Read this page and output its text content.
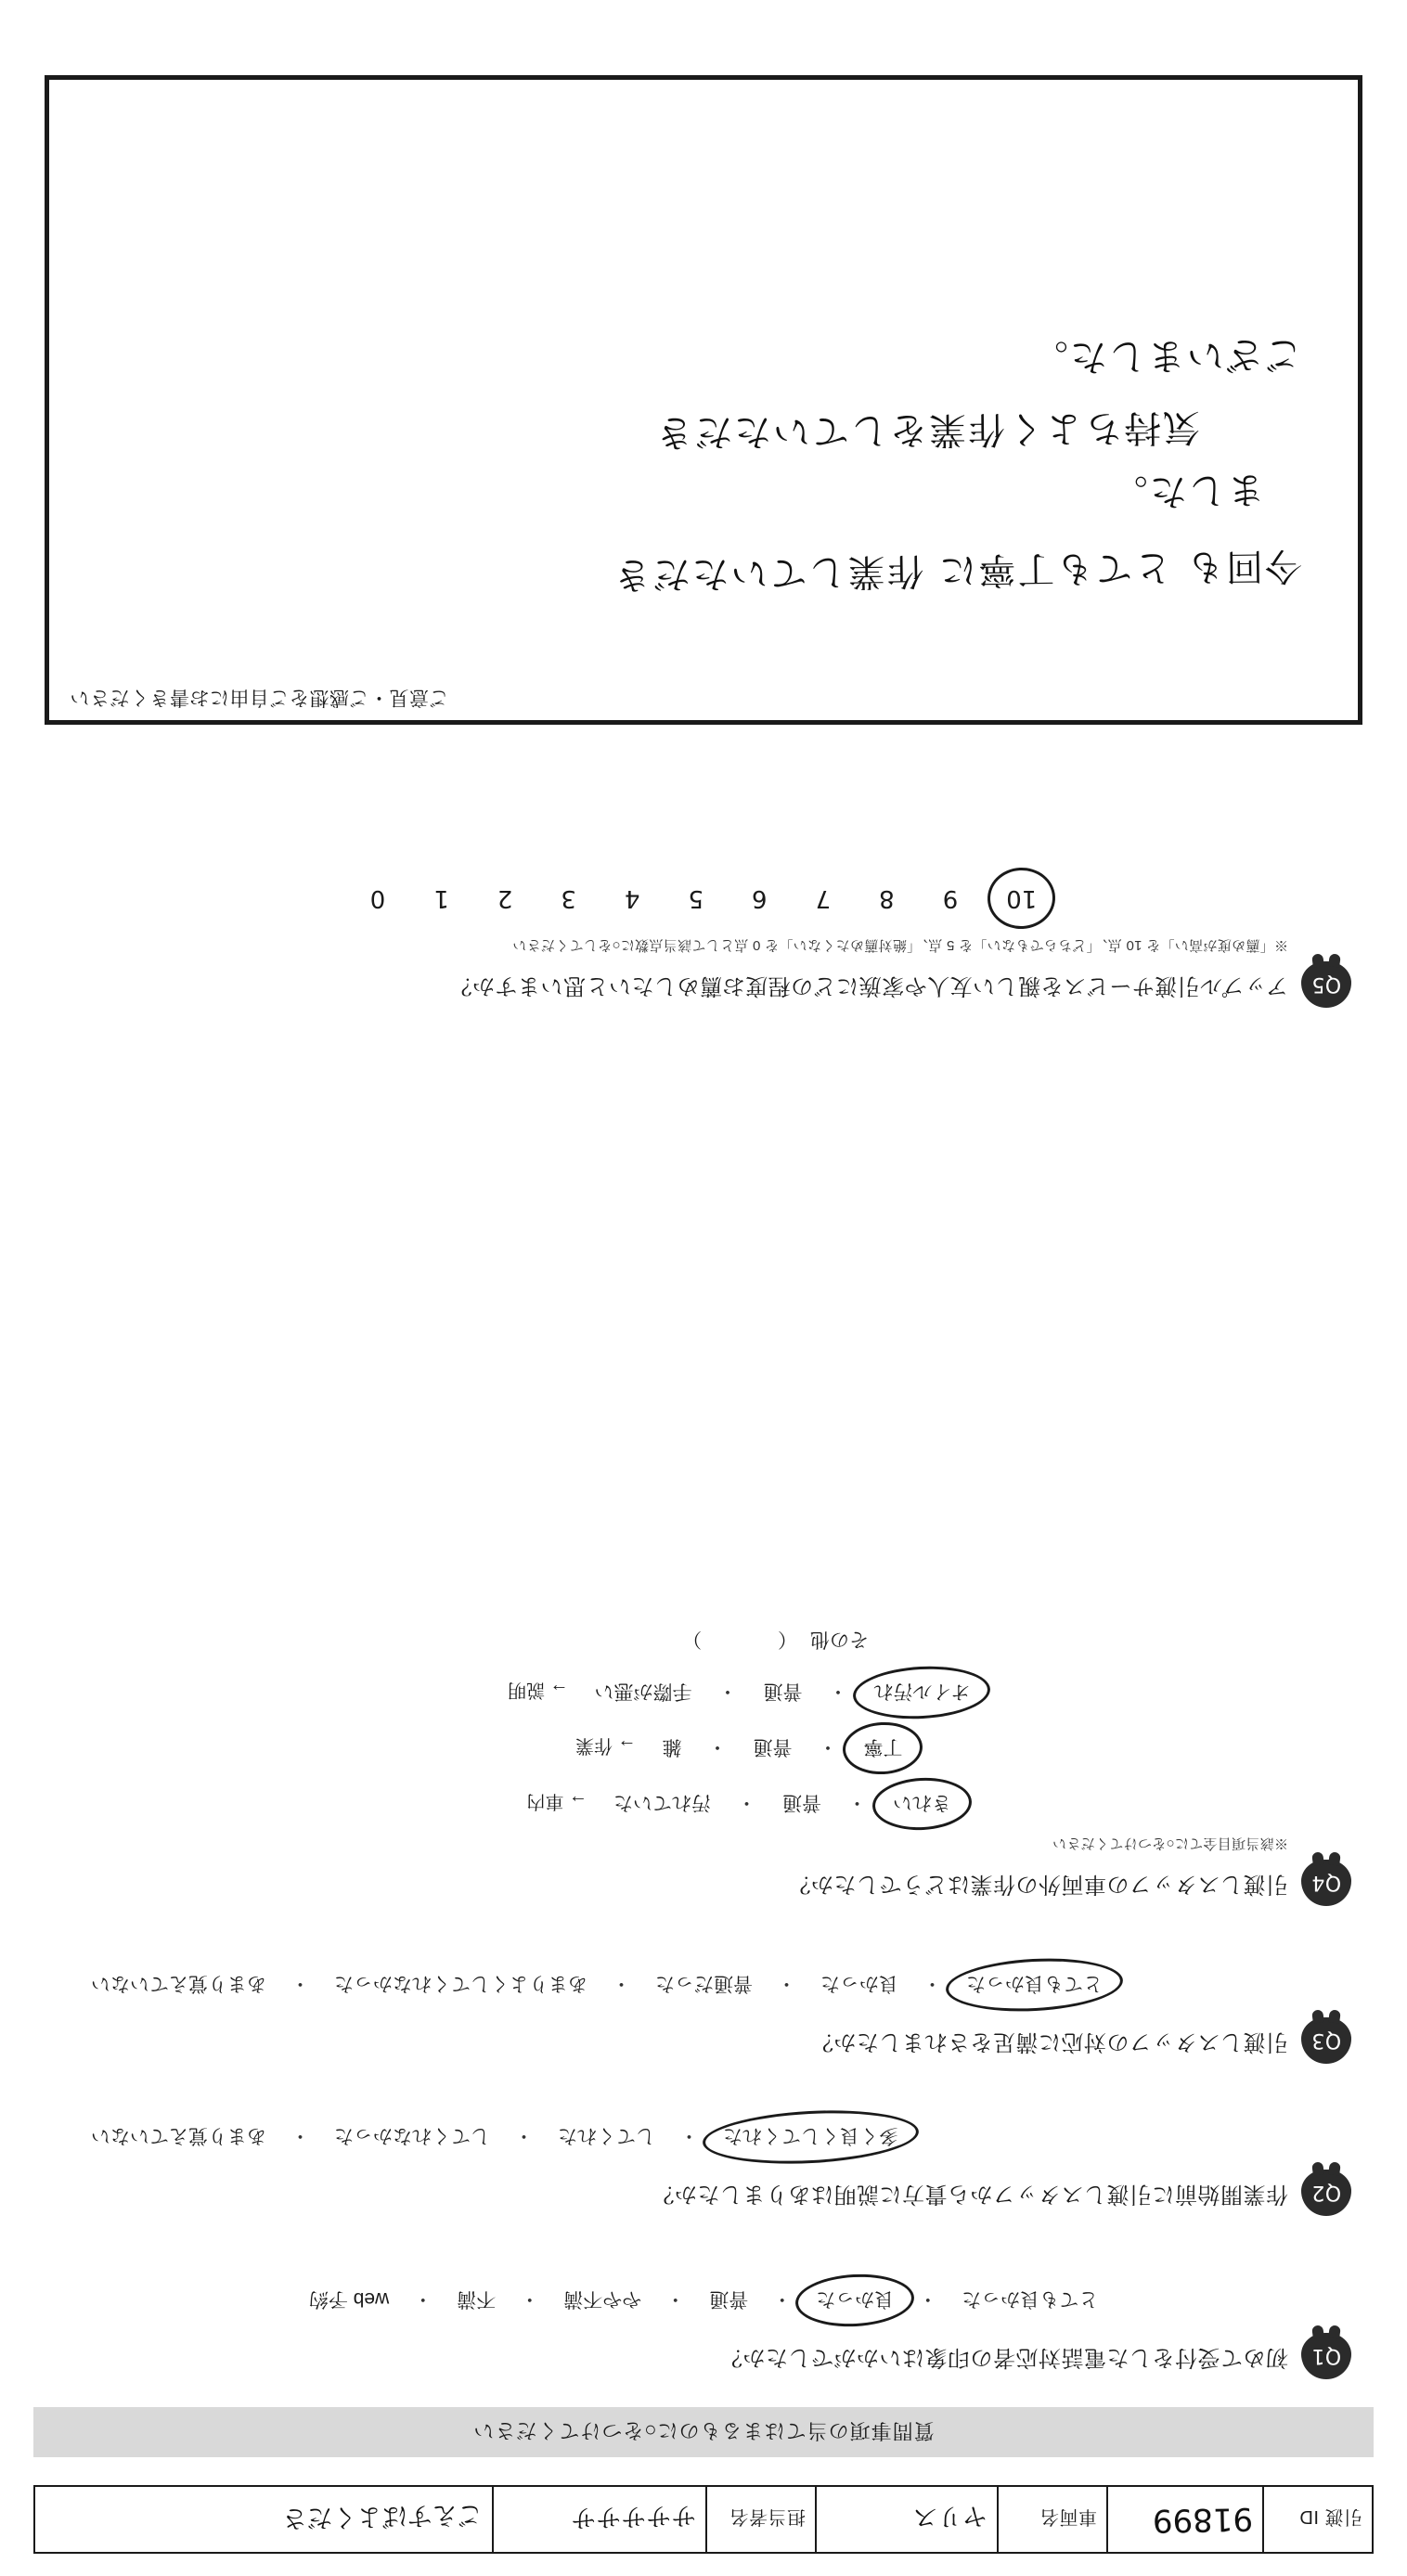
引渡 ID
91899
車両名
ヤリス
担当者名
サササササ
ごえすばよくださ
質問事項の当てはまるものに○をつけてください
Q1
初めて受付をした電話対応者の印象はいかがでしたか？
とても良かった
・
良かった
・
普通
・
やや不満
・
不満
・
web 予約
Q2
作業開始前に引渡しスタッフから貴方に説明はありましたか？
多く良くしてくれた
・
してくれた
・
してくれなかった
・
あまり覚えていない
Q3
引渡しスタッフの対応に満足をされましたか？
とても良かった
・
良かった
・
普通だった
・
あまりよくしてくれなかった
・
あまり覚えていない
Q4
引渡しスタッフの車両外の作業はどうでしたか？
※該当項目全てに○をつけてください
きれい
・
普通
・
汚れていた
→ 車内
丁寧
・
普通
・
雑
→ 作業
オイル汚れ
・
普通
・
手際が悪い
→ 説明
その他
（ ）
Q5
アップル引渡サービスを親しい友人や家族にどの程度お薦めしたいと思いますか？
※「薦め度が高い」を 10 点、「どちらでもない」を 5 点、「絶対薦めたくない」を 0 点として該当点数に○をしてください
10
9
8
7
6
5
4
3
2
1
0
ご意見・ご感想をご自由にお書きください
今回も とても丁寧に 作業していただき
ました。
気持ちよく作業をしていただき
ございました。
